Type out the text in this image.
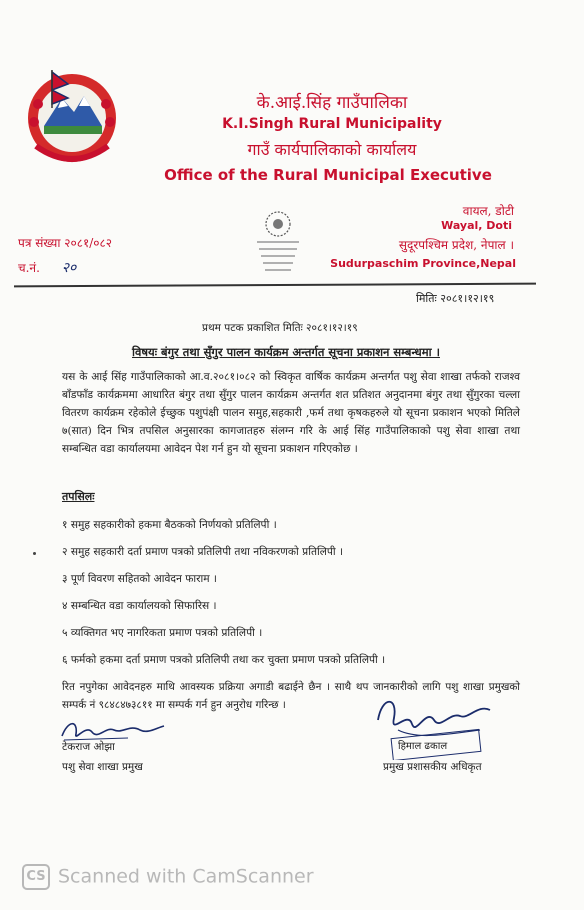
के.आई.सिंह गाउँपालिका
K.I.Singh Rural Municipality
गाउँ कार्यपालिकाको कार्यालय
Office of the Rural Municipal Executive
वायल, डोटी
Wayal, Doti
सुदूरपश्चिम प्रदेश, नेपाल ।
Sudurpaschim Province,Nepal
पत्र संख्या २०८१/०८२
च.नं. २०
मितिः २०८१।१२।१९
प्रथम पटक प्रकाशित मितिः २०८१।१२।१९
विषयः बंगुर तथा सुँगुर पालन कार्यक्रम अन्तर्गत सूचना प्रकाशन सम्बन्धमा ।

यस के आई सिंह गाउँपालिकाको आ.व.२०८१।०८२ को स्विकृत वार्षिक कार्यक्रम अन्तर्गत पशु सेवा शाखा तर्फको राजश्व बाँडफाँड कार्यक्रममा आधारित बंगुर तथा सुँगुर पालन कार्यक्रम अन्तर्गत शत प्रतिशत अनुदानमा बंगुर तथा सुँगुरका चल्ला वितरण कार्यक्रम रहेकोले ईच्छुक पशुपंक्षी पालन समुह,सहकारी ,फर्म तथा कृषकहरुले यो सूचना प्रकाशन भएको मितिले ७(सात) दिन भित्र तपसिल अनुसारका कागजातहरु संलग्न गरि के आई सिंह गाउँपालिकाको पशु सेवा शाखा तथा सम्बन्धित वडा कार्यालयमा आवेदन पेश गर्न हुन यो सूचना प्रकाशन गरिएकोछ ।

तपसिलः
१ समुह सहकारीको हकमा बैठकको निर्णयको प्रतिलिपी ।
२ समुह सहकारी दर्ता प्रमाण पत्रको प्रतिलिपी तथा नविकरणको प्रतिलिपी ।
३ पूर्ण विवरण सहितको आवेदन फाराम ।
४ सम्बन्धित वडा कार्यालयको सिफारिस ।
५ व्यक्तिगत भए नागरिकता प्रमाण पत्रको प्रतिलिपी ।
६ फर्मको हकमा दर्ता प्रमाण पत्रको प्रतिलिपी तथा कर चुक्ता प्रमाण पत्रको प्रतिलिपी ।
रित नपुगेका आवेदनहरु माथि आवस्यक प्रक्रिया अगाडी बढाईने छैन । साथै थप जानकारीको लागि पशु शाखा प्रमुखको सम्पर्क नं ९८४८४७३८११ मा सम्पर्क गर्न हुन अनुरोध गरिन्छ ।
टेकराज ओझा
पशु सेवा शाखा प्रमुख
हिमाल ढकाल
प्रमुख प्रशासकीय अधिकृत
CS Scanned with CamScanner
